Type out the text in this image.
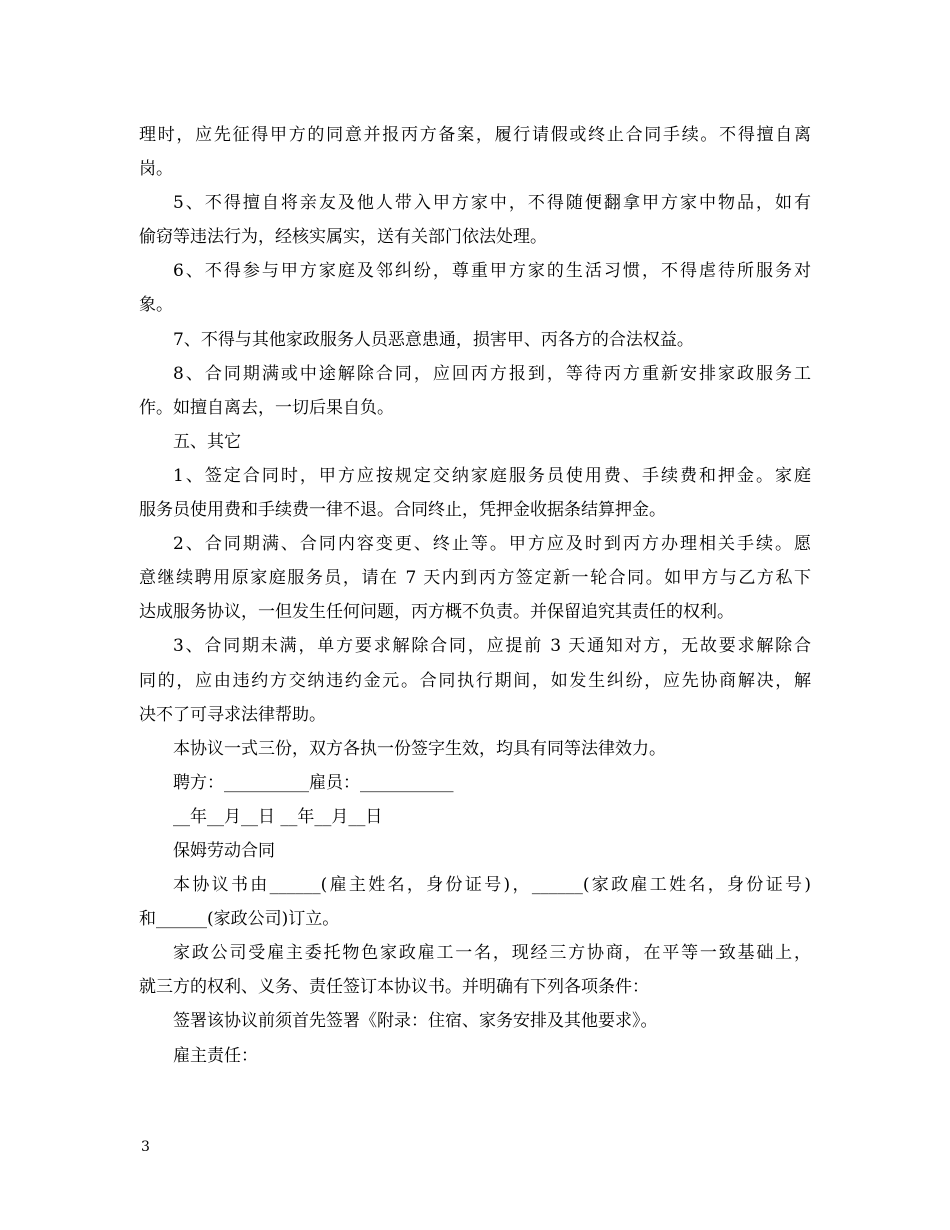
理时，应先征得甲方的同意并报丙方备案，履行请假或终止合同手续。不得擅自离
岗。
5、不得擅自将亲友及他人带入甲方家中，不得随便翻拿甲方家中物品，如有
偷窃等违法行为，经核实属实，送有关部门依法处理。
6、不得参与甲方家庭及邻纠纷，尊重甲方家的生活习惯，不得虐待所服务对
象。
7、不得与其他家政服务人员恶意患通，损害甲、丙各方的合法权益。
8、合同期满或中途解除合同，应回丙方报到，等待丙方重新安排家政服务工
作。如擅自离去，一切后果自负。
五、其它
1、签定合同时，甲方应按规定交纳家庭服务员使用费、手续费和押金。家庭
服务员使用费和手续费一律不退。合同终止，凭押金收据条结算押金。
2、合同期满、合同内容变更、终止等。甲方应及时到丙方办理相关手续。愿
意继续聘用原家庭服务员，请在 7 天内到丙方签定新一轮合同。如甲方与乙方私下
达成服务协议，一但发生任何问题，丙方概不负责。并保留追究其责任的权利。
3、合同期未满，单方要求解除合同，应提前 3 天通知对方，无故要求解除合
同的，应由违约方交纳违约金元。合同执行期间，如发生纠纷，应先协商解决，解
决不了可寻求法律帮助。
本协议一式三份，双方各执一份签字生效，均具有同等法律效力。
聘方：__________雇员：___________
__年__月__日 __年__月__日
保姆劳动合同
本协议书由______(雇主姓名，身份证号)，______(家政雇工姓名，身份证号)
和______(家政公司)订立。
家政公司受雇主委托物色家政雇工一名，现经三方协商，在平等一致基础上，
就三方的权利、义务、责任签订本协议书。并明确有下列各项条件：
签署该协议前须首先签署《附录：住宿、家务安排及其他要求》。
雇主责任：
3
